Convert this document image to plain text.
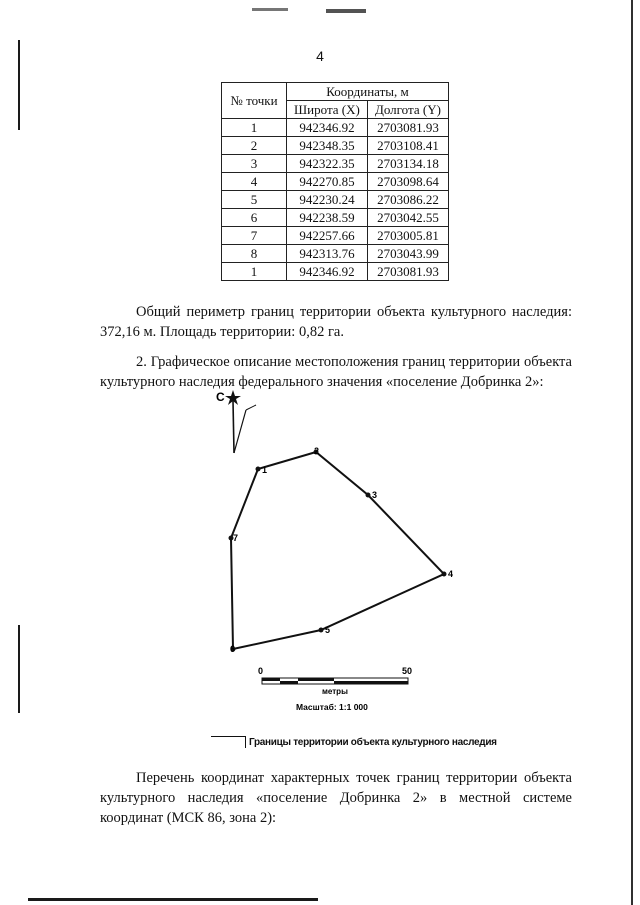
4
№ точки	Координаты, м	
	Широта (X)	Долгота (Y)
1	942346.92	2703081.93
2	942348.35	2703108.41
3	942322.35	2703134.18
4	942270.85	2703098.64
5	942230.24	2703086.22
6	942238.59	2703042.55
7	942257.66	2703005.81
8	942313.76	2703043.99
1	942346.92	2703081.93
Общий периметр границ территории объекта культурного наследия: 372,16 м. Площадь территории: 0,82 га.
2. Графическое описание местоположения границ территории объекта культурного наследия федерального значения «поселение Добринка 2»:
С
1
2
3
4
5
6
7
0	50
метры
Масштаб: 1:1 000
Границы территории объекта культурного наследия
Перечень координат характерных точек границ территории объекта культурного наследия «поселение Добринка 2» в местной системе координат (МСК 86, зона 2):
